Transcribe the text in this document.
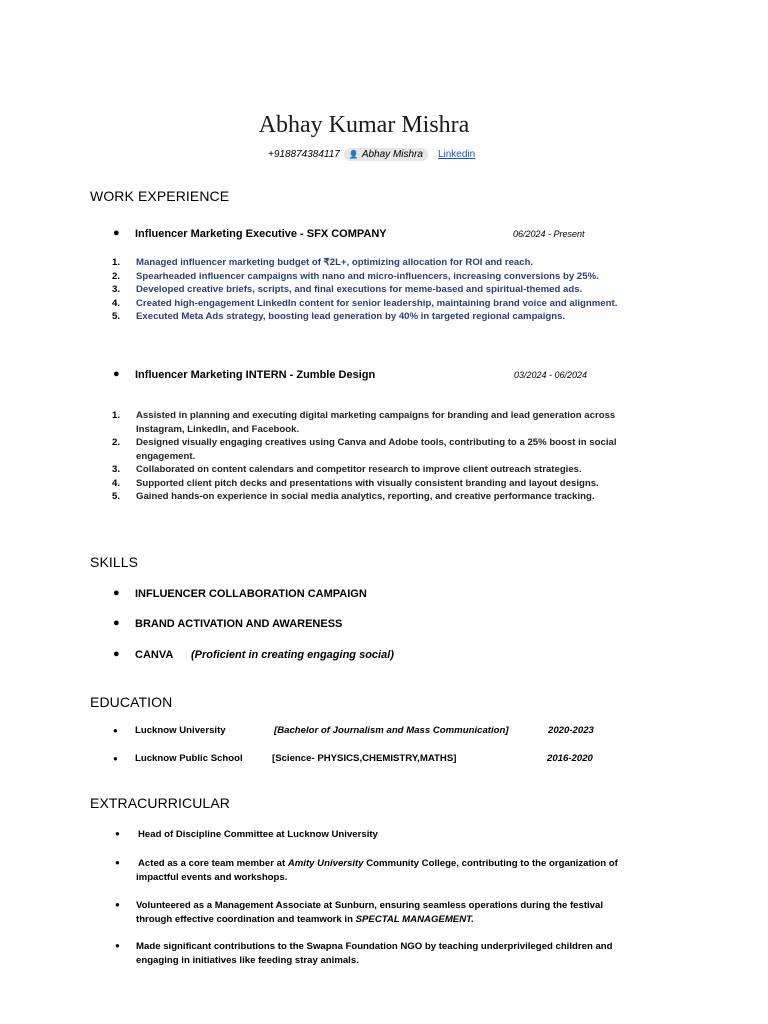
Abhay Kumar Mishra
+918874384117 👤 Abhay Mishra Linkedin
WORK EXPERIENCE
● Influencer Marketing Executive - SFX COMPANY	06/2024 - Present
1. Managed influencer marketing budget of ₹2L+, optimizing allocation for ROI and reach.
2. Spearheaded influencer campaigns with nano and micro-influencers, increasing conversions by 25%.
3. Developed creative briefs, scripts, and final executions for meme-based and spiritual-themed ads.
4. Created high-engagement LinkedIn content for senior leadership, maintaining brand voice and alignment.
5. Executed Meta Ads strategy, boosting lead generation by 40% in targeted regional campaigns.
● Influencer Marketing INTERN - Zumble Design	03/2024 - 06/2024
1. Assisted in planning and executing digital marketing campaigns for branding and lead generation across Instagram, LinkedIn, and Facebook.
2. Designed visually engaging creatives using Canva and Adobe tools, contributing to a 25% boost in social engagement.
3. Collaborated on content calendars and competitor research to improve client outreach strategies.
4. Supported client pitch decks and presentations with visually consistent branding and layout designs.
5. Gained hands-on experience in social media analytics, reporting, and creative performance tracking.
SKILLS
● INFLUENCER COLLABORATION CAMPAIGN
● BRAND ACTIVATION AND AWARENESS
● CANVA (Proficient in creating engaging social)
EDUCATION
● Lucknow University	[Bachelor of Journalism and Mass Communication]	2020-2023
● Lucknow Public School	[Science- PHYSICS,CHEMISTRY,MATHS]	2016-2020
EXTRACURRICULAR
● Head of Discipline Committee at Lucknow University
● Acted as a core team member at Amity University Community College, contributing to the organization of impactful events and workshops.
● Volunteered as a Management Associate at Sunburn, ensuring seamless operations during the festival through effective coordination and teamwork in SPECTAL MANAGEMENT.
● Made significant contributions to the Swapna Foundation NGO by teaching underprivileged children and engaging in initiatives like feeding stray animals.
